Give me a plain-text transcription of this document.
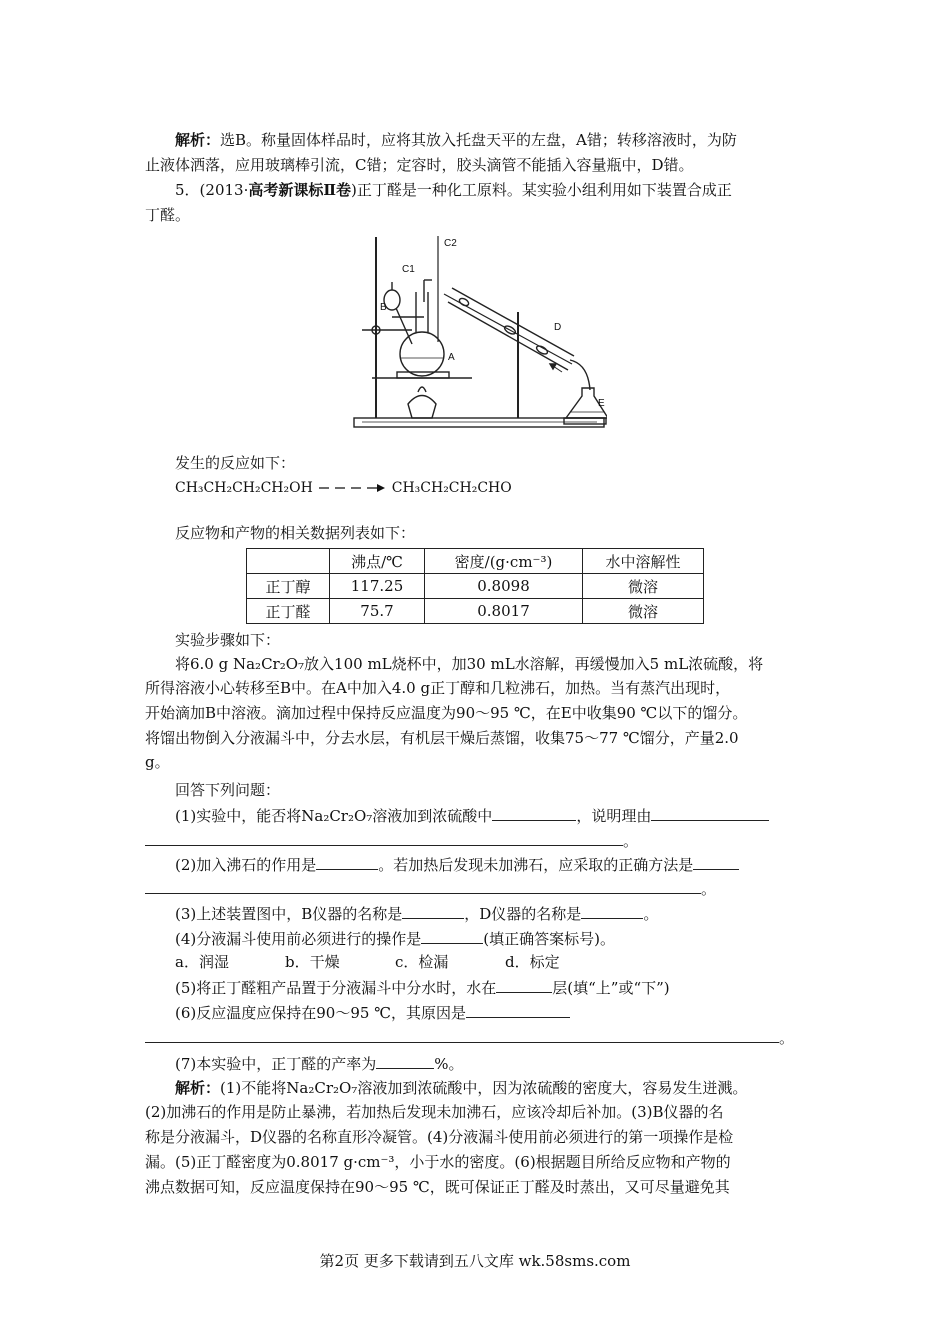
解析：选B。称量固体样品时，应将其放入托盘天平的左盘，A错；转移溶液时，为防
止液体洒落，应用玻璃棒引流，C错；定容时，胶头滴管不能插入容量瓶中，D错。
5．(2013·高考新课标Ⅱ卷)正丁醛是一种化工原料。某实验小组利用如下装置合成正
丁醛。
C2
C1
B
A
D
E
发生的反应如下：
CH₃CH₂CH₂CH₂OH	CH₃CH₂CH₂CHO
反应物和产物的相关数据列表如下：
	沸点/℃	密度/(g·cm⁻³)	水中溶解性
正丁醇	117.25	0.8098	微溶
正丁醛	75.7	0.8017	微溶
实验步骤如下：
将6.0 g Na₂Cr₂O₇放入100 mL烧杯中，加30 mL水溶解，再缓慢加入5 mL浓硫酸，将
所得溶液小心转移至B中。在A中加入4.0 g正丁醇和几粒沸石，加热。当有蒸汽出现时，
开始滴加B中溶液。滴加过程中保持反应温度为90～95 ℃，在E中收集90 ℃以下的馏分。
将馏出物倒入分液漏斗中，分去水层，有机层干燥后蒸馏，收集75～77 ℃馏分，产量2.0
g。
回答下列问题：
(1)实验中，能否将Na₂Cr₂O₇溶液加到浓硫酸中	，说明理由
。
(2)加入沸石的作用是	。若加热后发现未加沸石，应采取的正确方法是
。
(3)上述装置图中，B仪器的名称是	，D仪器的名称是	。
(4)分液漏斗使用前必须进行的操作是	(填正确答案标号)。
a．润湿	b．干燥	c．检漏	d．标定
(5)将正丁醛粗产品置于分液漏斗中分水时，水在	层(填“上”或“下”)
(6)反应温度应保持在90～95 ℃，其原因是
。
(7)本实验中，正丁醛的产率为	%。
解析：(1)不能将Na₂Cr₂O₇溶液加到浓硫酸中，因为浓硫酸的密度大，容易发生迸溅。
(2)加沸石的作用是防止暴沸，若加热后发现未加沸石，应该冷却后补加。(3)B仪器的名
称是分液漏斗，D仪器的名称直形冷凝管。(4)分液漏斗使用前必须进行的第一项操作是检
漏。(5)正丁醛密度为0.8017 g·cm⁻³，小于水的密度。(6)根据题目所给反应物和产物的
沸点数据可知，反应温度保持在90～95 ℃，既可保证正丁醛及时蒸出，又可尽量避免其
第2页 更多下载请到五八文库 wk.58sms.com
